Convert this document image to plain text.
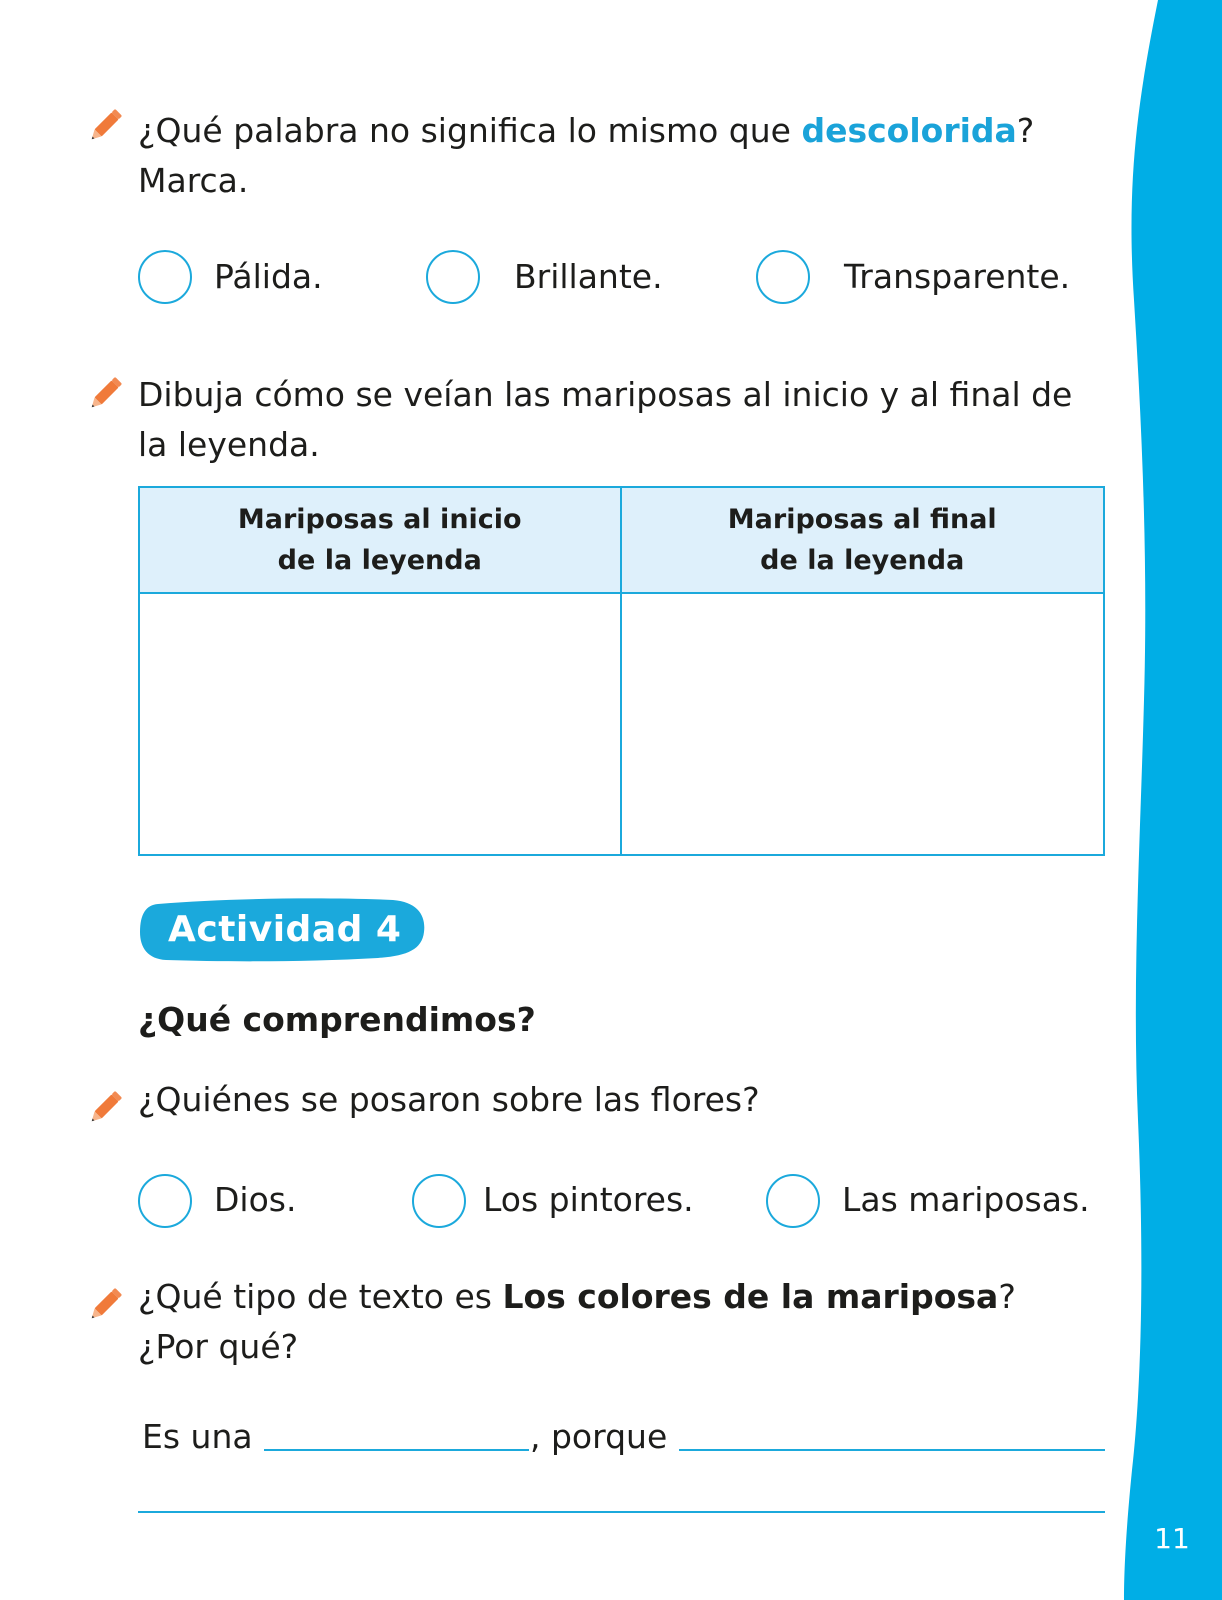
11
¿Qué palabra no significa lo mismo que descolorida?
Marca.
Pálida.	Brillante.	Transparente.
Dibuja cómo se veían las mariposas al inicio y al final de
la leyenda.
Mariposas al inicio
de la leyenda
Mariposas al final
de la leyenda
Actividad 4
¿Qué comprendimos?
¿Quiénes se posaron sobre las flores?
Dios.	Los pintores.	Las mariposas.
¿Qué tipo de texto es Los colores de la mariposa?
¿Por qué?
Es una	, porque
